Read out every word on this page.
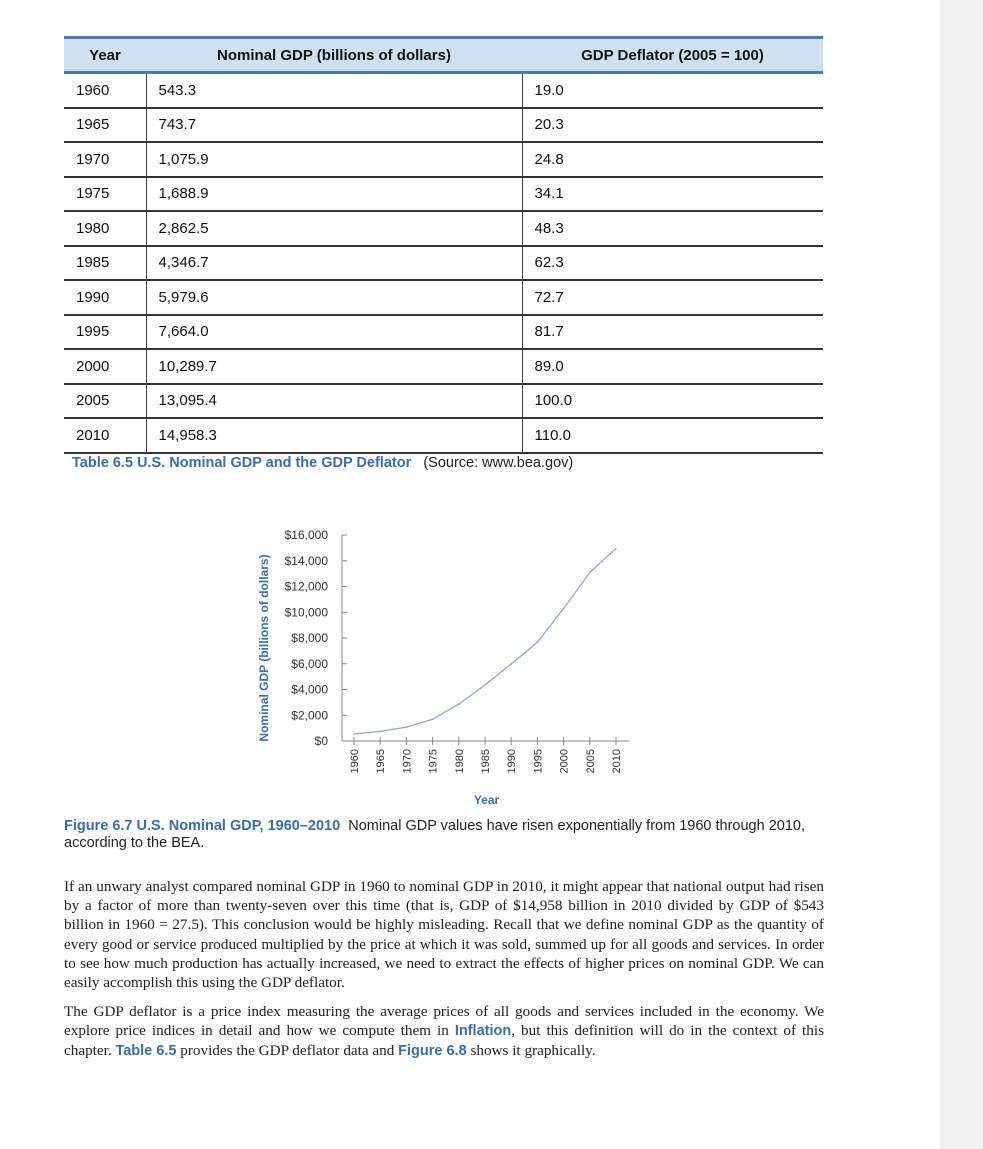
Year	Nominal GDP (billions of dollars)	GDP Deflator (2005 = 100)
1960	543.3	19.0
1965	743.7	20.3
1970	1,075.9	24.8
1975	1,688.9	34.1
1980	2,862.5	48.3
1985	4,346.7	62.3
1990	5,979.6	72.7
1995	7,664.0	81.7
2000	10,289.7	89.0
2005	13,095.4	100.0
2010	14,958.3	110.0
Table 6.5 U.S. Nominal GDP and the GDP Deflator (Source: www.bea.gov)
$0
$2,000
$4,000
$6,000
$8,000
$10,000
$12,000
$14,000
$16,000
1960 1965 1970 1975 1980 1985 1990 1995 2000 2005 2010
Year
Nominal GDP (billions of dollars)
Figure 6.7 U.S. Nominal GDP, 1960–2010 Nominal GDP values have risen exponentially from 1960 through 2010, according to the BEA.

If an unwary analyst compared nominal GDP in 1960 to nominal GDP in 2010, it might appear that national output had risen by a factor of more than twenty-seven over this time (that is, GDP of $14,958 billion in 2010 divided by GDP of $543 billion in 1960 = 27.5). This conclusion would be highly misleading. Recall that we define nominal GDP as the quantity of every good or service produced multiplied by the price at which it was sold, summed up for all goods and services. In order to see how much production has actually increased, we need to extract the effects of higher prices on nominal GDP. We can easily accomplish this using the GDP deflator.

The GDP deflator is a price index measuring the average prices of all goods and services included in the economy. We explore price indices in detail and how we compute them in Inflation, but this definition will do in the context of this chapter. Table 6.5 provides the GDP deflator data and Figure 6.8 shows it graphically.
